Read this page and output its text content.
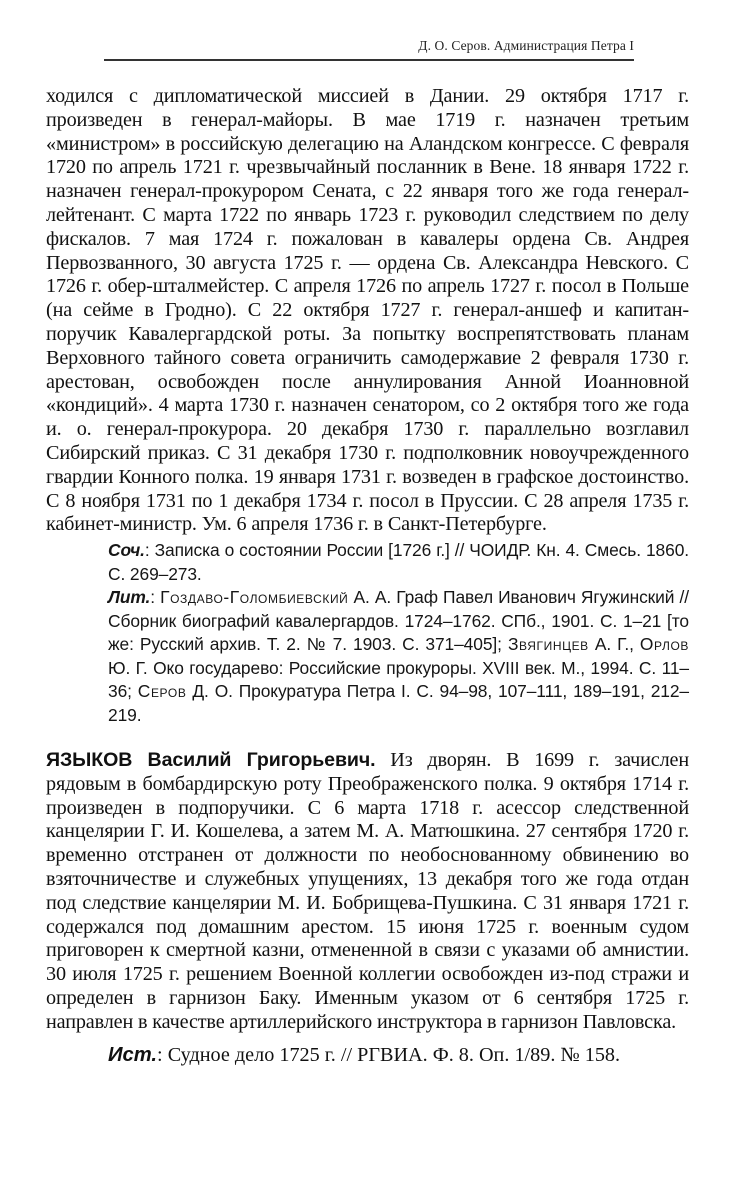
Д. О. Серов. Администрация Петра I
ходился с дипломатической миссией в Дании. 29 октября 1717 г. произведен в генерал-майоры. В мае 1719 г. назначен третьим «министром» в российскую делегацию на Аландском конгрессе. С февраля 1720 по апрель 1721 г. чрезвычайный посланник в Вене. 18 января 1722 г. назначен генерал-прокурором Сената, с 22 января того же года генерал-лейтенант. С марта 1722 по январь 1723 г. руководил следствием по делу фискалов. 7 мая 1724 г. пожалован в кавалеры ордена Св. Андрея Первозванного, 30 августа 1725 г. — ордена Св. Александра Невского. С 1726 г. обер-шталмейстер. С апреля 1726 по апрель 1727 г. посол в Польше (на сейме в Гродно). С 22 октября 1727 г. генерал-аншеф и капитан-поручик Кавалергардской роты. За попытку воспрепятствовать планам Верховного тайного совета ограничить самодержавие 2 февраля 1730 г. арестован, освобожден после аннулирования Анной Иоанновной «кондиций». 4 марта 1730 г. назначен сенатором, со 2 октября того же года и. о. генерал-прокурора. 20 декабря 1730 г. параллельно возглавил Сибирский приказ. С 31 декабря 1730 г. подполковник новоучрежденного гвардии Конного полка. 19 января 1731 г. возведен в графское достоинство. С 8 ноября 1731 по 1 декабря 1734 г. посол в Пруссии. С 28 апреля 1735 г. кабинет-министр. Ум. 6 апреля 1736 г. в Санкт-Петербурге.
Соч.: Записка о состоянии России [1726 г.] // ЧОИДР. Кн. 4. Смесь. 1860. С. 269–273.
Лит.: Гоздаво-Голомбиевский А. А. Граф Павел Иванович Ягужинский // Сборник биографий кавалергардов. 1724–1762. СПб., 1901. С. 1–21 [то же: Русский архив. Т. 2. № 7. 1903. С. 371–405]; Звягинцев А. Г., Орлов Ю. Г. Око государево: Российские прокуроры. XVIII век. М., 1994. С. 11–36; Серов Д. О. Прокуратура Петра I. С. 94–98, 107–111, 189–191, 212–219.
ЯЗЫКОВ Василий Григорьевич. Из дворян. В 1699 г. зачислен рядовым в бомбардирскую роту Преображенского полка. 9 октября 1714 г. произведен в подпоручики. С 6 марта 1718 г. асессор следственной канцелярии Г. И. Кошелева, а затем М. А. Матюшкина. 27 сентября 1720 г. временно отстранен от должности по необоснованному обвинению во взяточничестве и служебных упущениях, 13 декабря того же года отдан под следствие канцелярии М. И. Бобрищева-Пушкина. С 31 января 1721 г. содержался под домашним арестом. 15 июня 1725 г. военным судом приговорен к смертной казни, отмененной в связи с указами об амнистии. 30 июля 1725 г. решением Военной коллегии освобожден из-под стражи и определен в гарнизон Баку. Именным указом от 6 сентября 1725 г. направлен в качестве артиллерийского инструктора в гарнизон Павловска.
Ист.: Судное дело 1725 г. // РГВИА. Ф. 8. Оп. 1/89. № 158.
